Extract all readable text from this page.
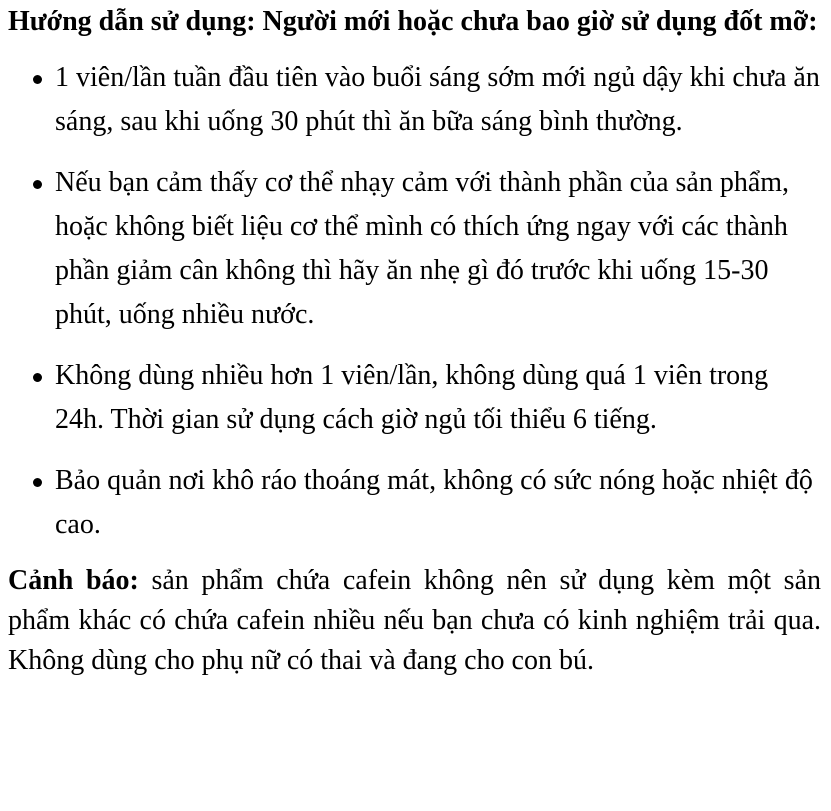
Hướng dẫn sử dụng: Người mới hoặc chưa bao giờ sử dụng đốt mỡ:

1 viên/lần tuần đầu tiên vào buổi sáng sớm mới ngủ dậy khi chưa ăn sáng, sau khi uống 30 phút thì ăn bữa sáng bình thường.
Nếu bạn cảm thấy cơ thể nhạy cảm với thành phần của sản phẩm, hoặc không biết liệu cơ thể mình có thích ứng ngay với các thành phần giảm cân không thì hãy ăn nhẹ gì đó trước khi uống 15-30 phút, uống nhiều nước.
Không dùng nhiều hơn 1 viên/lần, không dùng quá 1 viên trong 24h. Thời gian sử dụng cách giờ ngủ tối thiểu 6 tiếng.
Bảo quản nơi khô ráo thoáng mát, không có sức nóng hoặc nhiệt độ cao.

Cảnh báo: sản phẩm chứa cafein không nên sử dụng kèm một sản phẩm khác có chứa cafein nhiều nếu bạn chưa có kinh nghiệm trải qua. Không dùng cho phụ nữ có thai và đang cho con bú.
